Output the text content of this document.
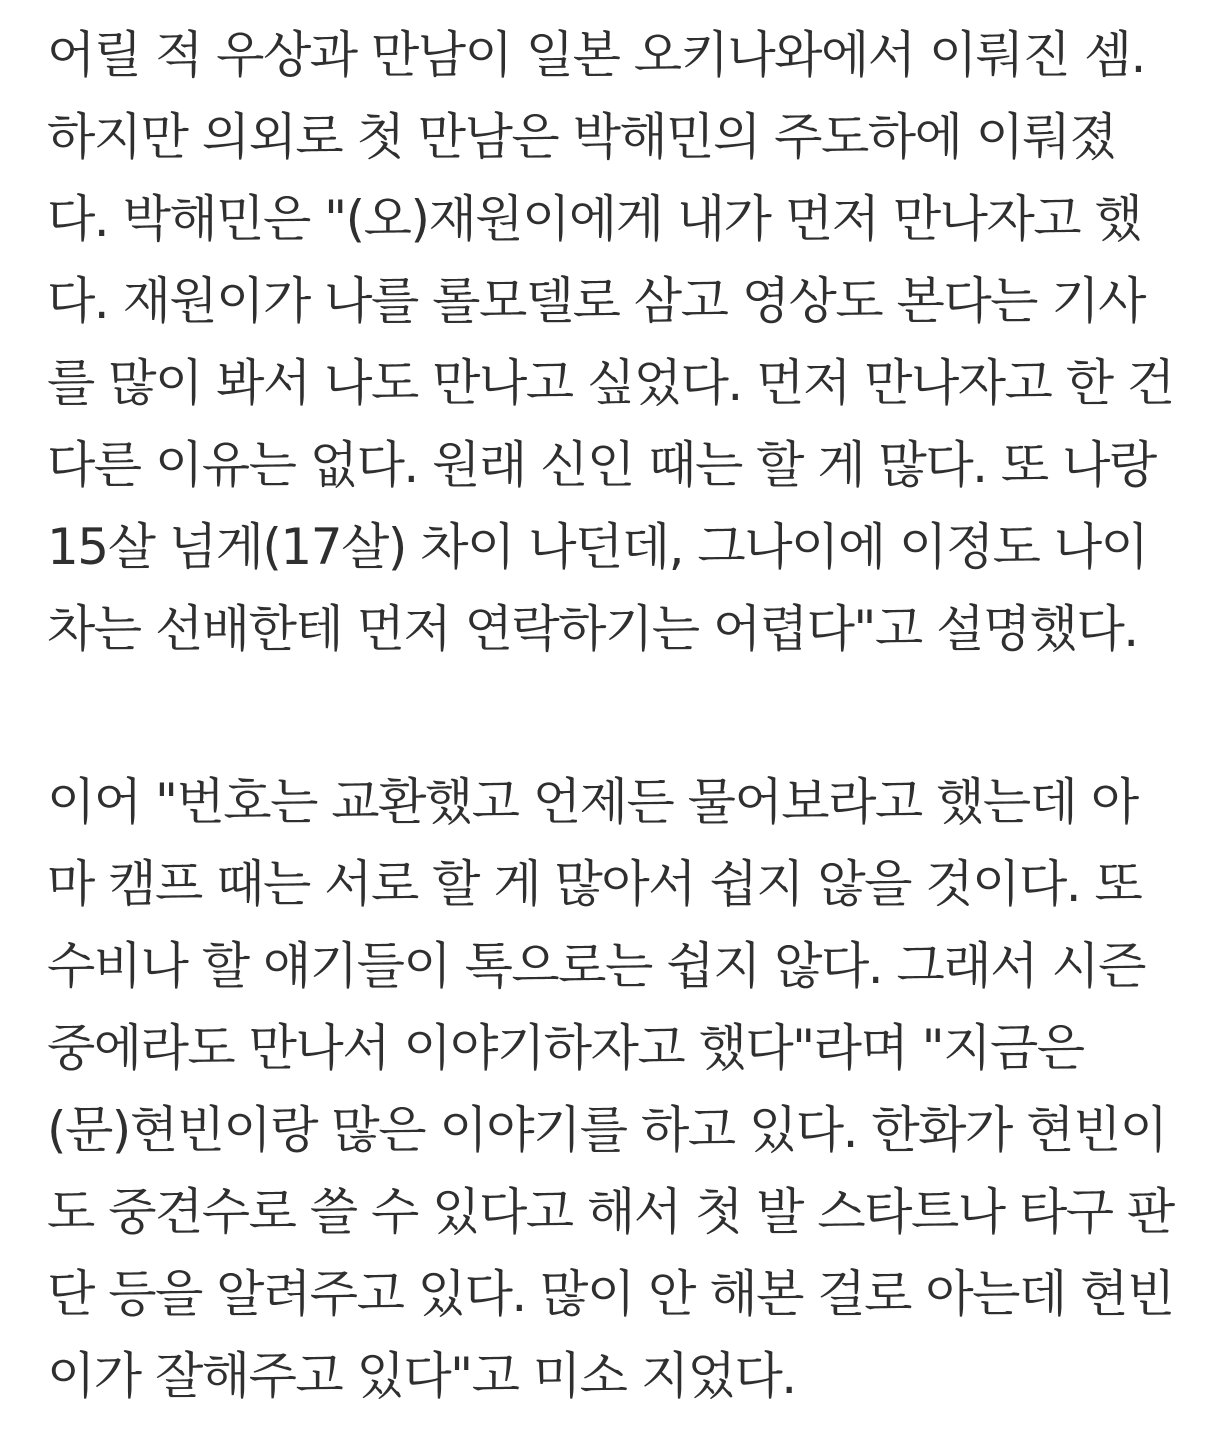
어릴 적 우상과 만남이 일본 오키나와에서 이뤄진 셈.
하지만 의외로 첫 만남은 박해민의 주도하에 이뤄졌
다. 박해민은 "(오)재원이에게 내가 먼저 만나자고 했
다. 재원이가 나를 롤모델로 삼고 영상도 본다는 기사
를 많이 봐서 나도 만나고 싶었다. 먼저 만나자고 한 건
다른 이유는 없다. 원래 신인 때는 할 게 많다. 또 나랑
15살 넘게(17살) 차이 나던데, 그나이에 이정도 나이
차는 선배한테 먼저 연락하기는 어렵다"고 설명했다.
이어 "번호는 교환했고 언제든 물어보라고 했는데 아
마 캠프 때는 서로 할 게 많아서 쉽지 않을 것이다. 또
수비나 할 얘기들이 톡으로는 쉽지 않다. 그래서 시즌
중에라도 만나서 이야기하자고 했다"라며 "지금은
(문)현빈이랑 많은 이야기를 하고 있다. 한화가 현빈이
도 중견수로 쓸 수 있다고 해서 첫 발 스타트나 타구 판
단 등을 알려주고 있다. 많이 안 해본 걸로 아는데 현빈
이가 잘해주고 있다"고 미소 지었다.
